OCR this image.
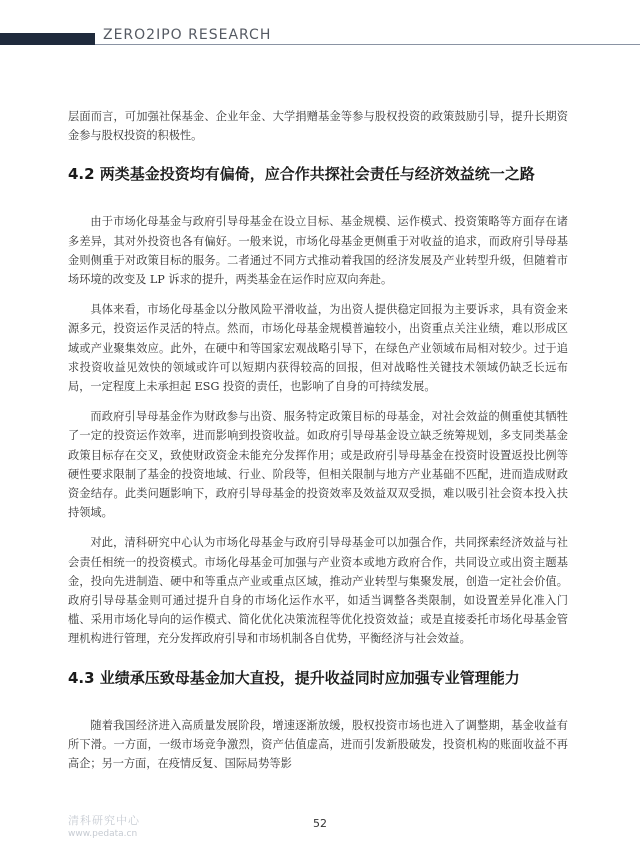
ZERO2IPO RESEARCH

层面而言，可加强社保基金、企业年金、大学捐赠基金等参与股权投资的政策鼓励引导，提升长期资金参与股权投资的积极性。

4.2 两类基金投资均有偏倚，应合作共探社会责任与经济效益统一之路

由于市场化母基金与政府引导母基金在设立目标、基金规模、运作模式、投资策略等方面存在诸多差异，其对外投资也各有偏好。一般来说，市场化母基金更侧重于对收益的追求，而政府引导母基金则侧重于对政策目标的服务。二者通过不同方式推动着我国的经济发展及产业转型升级，但随着市场环境的改变及 LP 诉求的提升，两类基金在运作时应双向奔赴。

具体来看，市场化母基金以分散风险平滑收益，为出资人提供稳定回报为主要诉求，具有资金来源多元，投资运作灵活的特点。然而，市场化母基金规模普遍较小，出资重点关注业绩，难以形成区域或产业聚集效应。此外，在硬中和等国家宏观战略引导下，在绿色产业领域布局相对较少。过于追求投资收益见效快的领域或许可以短期内获得较高的回报，但对战略性关键技术领域仍缺乏长远布局，一定程度上未承担起 ESG 投资的责任，也影响了自身的可持续发展。

而政府引导母基金作为财政参与出资、服务特定政策目标的母基金，对社会效益的侧重使其牺牲了一定的投资运作效率，进而影响到投资收益。如政府引导母基金设立缺乏统筹规划，多支同类基金政策目标存在交叉，致使财政资金未能充分发挥作用；或是政府引导母基金在投资时设置返投比例等硬性要求限制了基金的投资地域、行业、阶段等，但相关限制与地方产业基础不匹配，进而造成财政资金结存。此类问题影响下，政府引导母基金的投资效率及效益双双受损，难以吸引社会资本投入扶持领域。

对此，清科研究中心认为市场化母基金与政府引导母基金可以加强合作，共同探索经济效益与社会责任相统一的投资模式。市场化母基金可加强与产业资本或地方政府合作，共同设立或出资主题基金，投向先进制造、硬中和等重点产业或重点区域，推动产业转型与集聚发展，创造一定社会价值。政府引导母基金则可通过提升自身的市场化运作水平，如适当调整各类限制，如设置差异化准入门槛、采用市场化导向的运作模式、简化优化决策流程等优化投资效益；或是直接委托市场化母基金管理机构进行管理，充分发挥政府引导和市场机制各自优势，平衡经济与社会效益。

4.3 业绩承压致母基金加大直投，提升收益同时应加强专业管理能力

随着我国经济进入高质量发展阶段，增速逐渐放缓，股权投资市场也进入了调整期，基金收益有所下滑。一方面，一级市场竞争激烈，资产估值虚高，进而引发新股破发，投资机构的账面收益不再高企；另一方面，在疫情反复、国际局势等影

清科研究中心
www.pedata.cn
52
